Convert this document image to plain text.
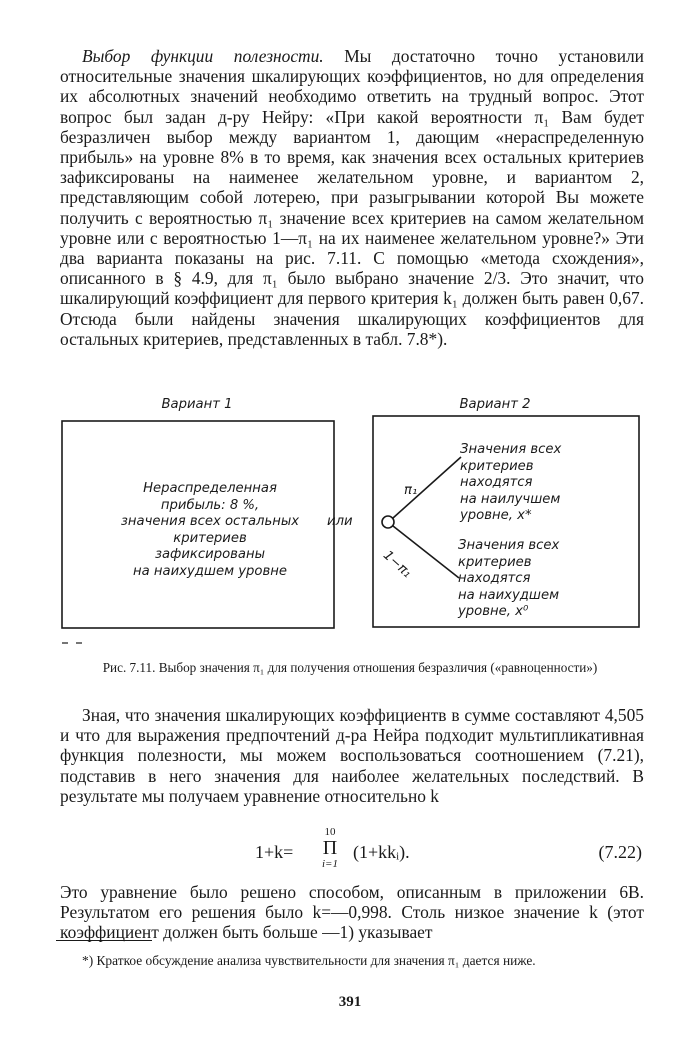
Выбор функции полезности. Мы достаточно точно установили относительные значения шкалирующих коэффициентов, но для определения их абсолютных значений необходимо ответить на трудный вопрос. Этот вопрос был задан д-ру Нейру: «При какой вероятности π₁ Вам будет безразличен выбор между вариантом 1, дающим «нераспределенную прибыль» на уровне 8% в то время, как значения всех остальных критериев зафиксированы на наименее желательном уровне, и вариантом 2, представляющим собой лотерею, при разыгрывании которой Вы можете получить с вероятностью π₁ значение всех критериев на самом желательном уровне или с вероятностью 1—π₁ на их наименее желательном уровне?» Эти два варианта показаны на рис. 7.11. С помощью «метода схождения», описанного в § 4.9, для π₁ было выбрано значение 2/3. Это значит, что шкалирующий коэффициент для первого критерия k₁ должен быть равен 0,67. Отсюда были найдены значения шкалирующих коэффициентов для остальных критериев, представленных в табл. 7.8*).
Вариант 1	Вариант 2
Нераспределенная
прибыль: 8 %,
значения всех остальных
критериев
зафиксированы
на наихудшем уровне
или
π₁
1−π₁
Значения всех
критериев
находятся
на наилучшем
уровне, x*
Значения всех
критериев
находятся
на наихудшем
уровне, x⁰
Рис. 7.11. Выбор значения π₁ для получения отношения безразличия («равноценности»)
Зная, что значения шкалирующих коэффициентв в сумме составляют 4,505 и что для выражения предпочтений д-ра Нейра подходит мультипликативная функция полезности, мы можем воспользоваться соотношением (7.21), подставив в него значения для наиболее желательных последствий. В результате мы получаем уравнение относительно k
1+k=
10
Π
i=1
(1+kkᵢ).	(7.22)
Это уравнение было решено способом, описанным в приложении 6В. Результатом его решения было k=—0,998. Столь низкое значение k (этот коэффициент должен быть больше —1) указывает
*) Краткое обсуждение анализа чувствительности для значения π₁ дается ниже.
391
